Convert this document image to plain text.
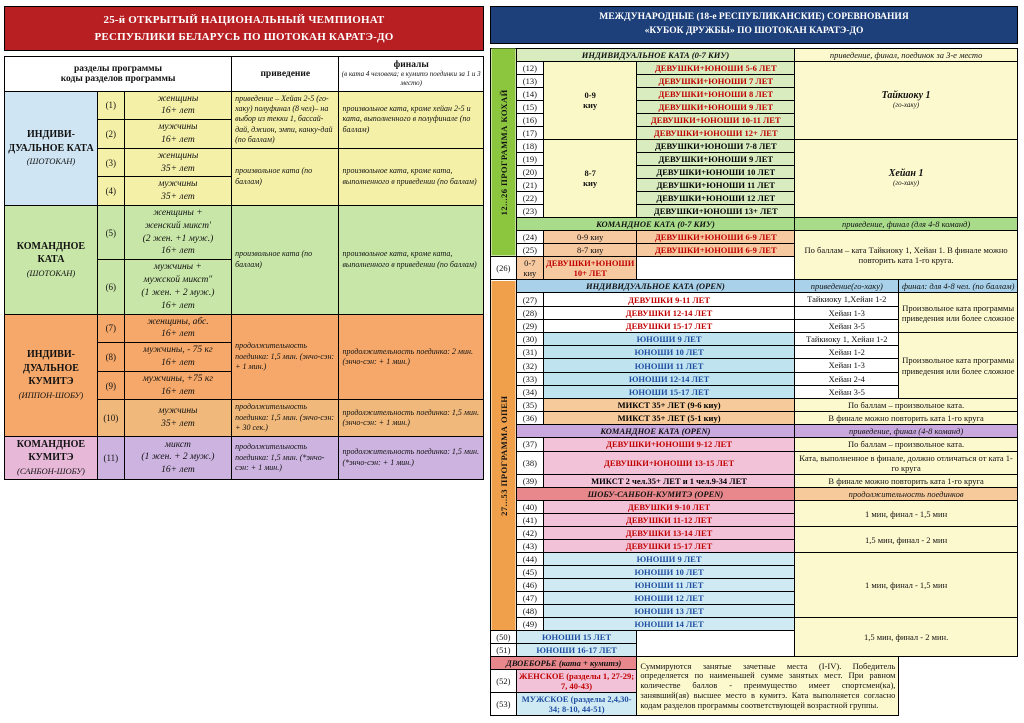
25-й ОТКРЫТЫЙ НАЦИОНАЛЬНЫЙ ЧЕМПИОНАТ
РЕСПУБЛИКИ БЕЛАРУСЬ ПО ШОТОКАН КАРАТЭ-ДО
разделы программы
коды разделов программы	приведение	
финалы
(в ката 4 человека; в кумитэ поединки за 1 и 3 место)

ИНДИВИ-ДУАЛЬНОЕ КАТА
(ШОТОКАН)	(1)	женщины
16+ лет	приведение – Хейан 2-5 (го-хаку) полуфинал (8 чел)– на выбор из текки 1, бассай-дай, джион, эмпи, канку-дай (по баллам)	произвольное ката, кроме хейан 2-5 и ката, выполненного в полуфинале (по баллам)
	(2)	мужчины
16+ лет		
	(3)	женщины
35+ лет	произвольное ката (по баллам)	произвольное ката, кроме ката, выполненного в приведении (по баллам)
	(4)	мужчины
35+ лет		
КОМАНДНОЕ КАТА
(ШОТОКАН)	(5)	женщины +
женский микст'
(2 жен. +1 муж.)
16+ лет	произвольное ката (по баллам)	произвольное ката, кроме ката, выполненного в приведении (по баллам)
	(6)	мужчины +
мужской микст"
(1 жен. + 2 муж.)
16+ лет		
ИНДИВИ-ДУАЛЬНОЕ КУМИТЭ
(ИППОН-ШОБУ)	(7)	женщины, абс.
16+ лет	продолжительность поединка: 1,5 мин. (энчо-сэн: + 1 мин.)	продолжительность поединка: 2 мин. (энчо-сэн: + 1 мин.)
	(8)	мужчины, - 75 кг
16+ лет		
	(9)	мужчины, +75 кг
16+ лет		
	(10)	мужчины
35+ лет	продолжительность поединка: 1,5 мин. (энчо-сэн: + 30 сек.)	продолжительность поединка: 1,5 мин. (энчо-сэн: + 1 мин.)
КОМАНДНОЕ КУМИТЭ
(САНБОН-ШОБУ)	(11)	микст
(1 жен. + 2 муж.)
16+ лет	продолжительность поединка: 1,5 мин. (*энчо-сэн: + 1 мин.)	продолжительность поединка: 1,5 мин. (*энчо-сэн: + 1 мин.)
МЕЖДУНАРОДНЫЕ (18-е РЕСПУБЛИКАНСКИЕ) СОРЕВНОВАНИЯ
«КУБОК ДРУЖБЫ» ПО ШОТОКАН КАРАТЭ-ДО
12...26 ПРОГРАММА КОХАЙ	ИНДИВИДУАЛЬНОЕ КАТА (0-7 КИУ)			приведение, финал, поединок за 3-е место	
(12)	0-9
киу	ДЕВУШКИ+ЮНОШИ 5-6 ЛЕТ	
Тайкиоку 1
(го-хаку)

	(13)		ДЕВУШКИ+ЮНОШИ 7 ЛЕТ		
	(14)		ДЕВУШКИ+ЮНОШИ 8 ЛЕТ		
	(15)		ДЕВУШКИ+ЮНОШИ 9 ЛЕТ		
	(16)		ДЕВУШКИ+ЮНОШИ 10-11 ЛЕТ		
	(17)		ДЕВУШКИ+ЮНОШИ 12+ ЛЕТ		
(18)	8-7
киу	ДЕВУШКИ+ЮНОШИ 7-8 ЛЕТ	
Хейан 1
(го-хаку)

	(19)		ДЕВУШКИ+ЮНОШИ 9 ЛЕТ		
	(20)		ДЕВУШКИ+ЮНОШИ 10 ЛЕТ		
	(21)		ДЕВУШКИ+ЮНОШИ 11 ЛЕТ		
	(22)		ДЕВУШКИ+ЮНОШИ 12 ЛЕТ		
	(23)		ДЕВУШКИ+ЮНОШИ 13+ ЛЕТ		
	КОМАНДНОЕ КАТА (0-7 КИУ)			приведение, финал (для 4-8 команд)	
	(24)	0-9 киу	ДЕВУШКИ+ЮНОШИ 6-9 ЛЕТ	По баллам – ката Тайкиоку 1, Хейан 1. В финале можно повторить ката 1-го круга.	
	(25)	8-7 киу	ДЕВУШКИ+ЮНОШИ 6-9 ЛЕТ		
(26)	0-7 киу	ДЕВУШКИ+ЮНОШИ 10+ ЛЕТ			
27...53 ПРОГРАММА ОПЕН	ИНДИВИДУАЛЬНОЕ КАТА (OPEN)			приведение(го-хаку)	финал: для 4-8 чел. (по баллам)
	(27)	ДЕВУШКИ 9-11 ЛЕТ		Тайкиоку 1,Хейан 1-2	Произвольное ката программы приведения или более сложное
	(28)	ДЕВУШКИ 12-14 ЛЕТ		Хейан 1-3	
	(29)	ДЕВУШКИ 15-17 ЛЕТ		Хейан 3-5	
	(30)	ЮНОШИ 9 ЛЕТ		Тайкиоку 1, Хейан 1-2	Произвольное ката программы приведения или более сложное
	(31)	ЮНОШИ 10 ЛЕТ		Хейан 1-2	
	(32)	ЮНОШИ 11 ЛЕТ		Хейан 1-3	
	(33)	ЮНОШИ 12-14 ЛЕТ		Хейан 2-4	
	(34)	ЮНОШИ 15-17 ЛЕТ		Хейан 3-5	
	(35)	МИКСТ 35+ ЛЕТ (9-6 киу)		По баллам – произвольное ката.	
	(36)	МИКСТ 35+ ЛЕТ (5-1 киу)		В финале можно повторить ката 1-го круга	
	КОМАНДНОЕ КАТА (OPEN)			приведение, финал (4-8 команд)	
	(37)	ДЕВУШКИ+ЮНОШИ 9-12 ЛЕТ		По баллам – произвольное ката.	
	(38)	ДЕВУШКИ+ЮНОШИ 13-15 ЛЕТ		Ката, выполненное в финале, должно отличаться от ката 1-го круга	
	(39)	МИКСТ 2 чел.35+ ЛЕТ и 1 чел.9-34 ЛЕТ		В финале можно повторить ката 1-го круга	
	ШОБУ-САНБОН-КУМИТЭ (OPEN)			продолжительность поединков	
	(40)	ДЕВУШКИ 9-10 ЛЕТ		1 мин, финал - 1,5 мин	
	(41)	ДЕВУШКИ 11-12 ЛЕТ			
	(42)	ДЕВУШКИ 13-14 ЛЕТ		1,5 мин, финал - 2 мин	
	(43)	ДЕВУШКИ 15-17 ЛЕТ			
	(44)	ЮНОШИ 9 ЛЕТ		1 мин, финал - 1,5 мин	
	(45)	ЮНОШИ 10 ЛЕТ			
	(46)	ЮНОШИ 11 ЛЕТ			
	(47)	ЮНОШИ 12 ЛЕТ			
	(48)	ЮНОШИ 13 ЛЕТ			
	(49)	ЮНОШИ 14 ЛЕТ		1,5 мин, финал - 2 мин.	
(50)	ЮНОШИ 15 ЛЕТ				
(51)	ЮНОШИ 16-17 ЛЕТ				
ДВОЕБОРЬЕ (ката + кумитэ)			Суммируются занятые зачетные места (I-IV). Победитель определяется по наименьшей сумме занятых мест. При равном количестве баллов - преимущество имеет спортсмен(ка), занявший(ая) высшее место в кумитэ. Ката выполняется согласно кодам разделов программы соответствующей возрастной группы.		
(52)	ЖЕНСКОЕ (разделы 1, 27-29; 7, 40-43)				
(53)	МУЖСКОЕ (разделы 2,4,30-34; 8-10, 44-51)				
